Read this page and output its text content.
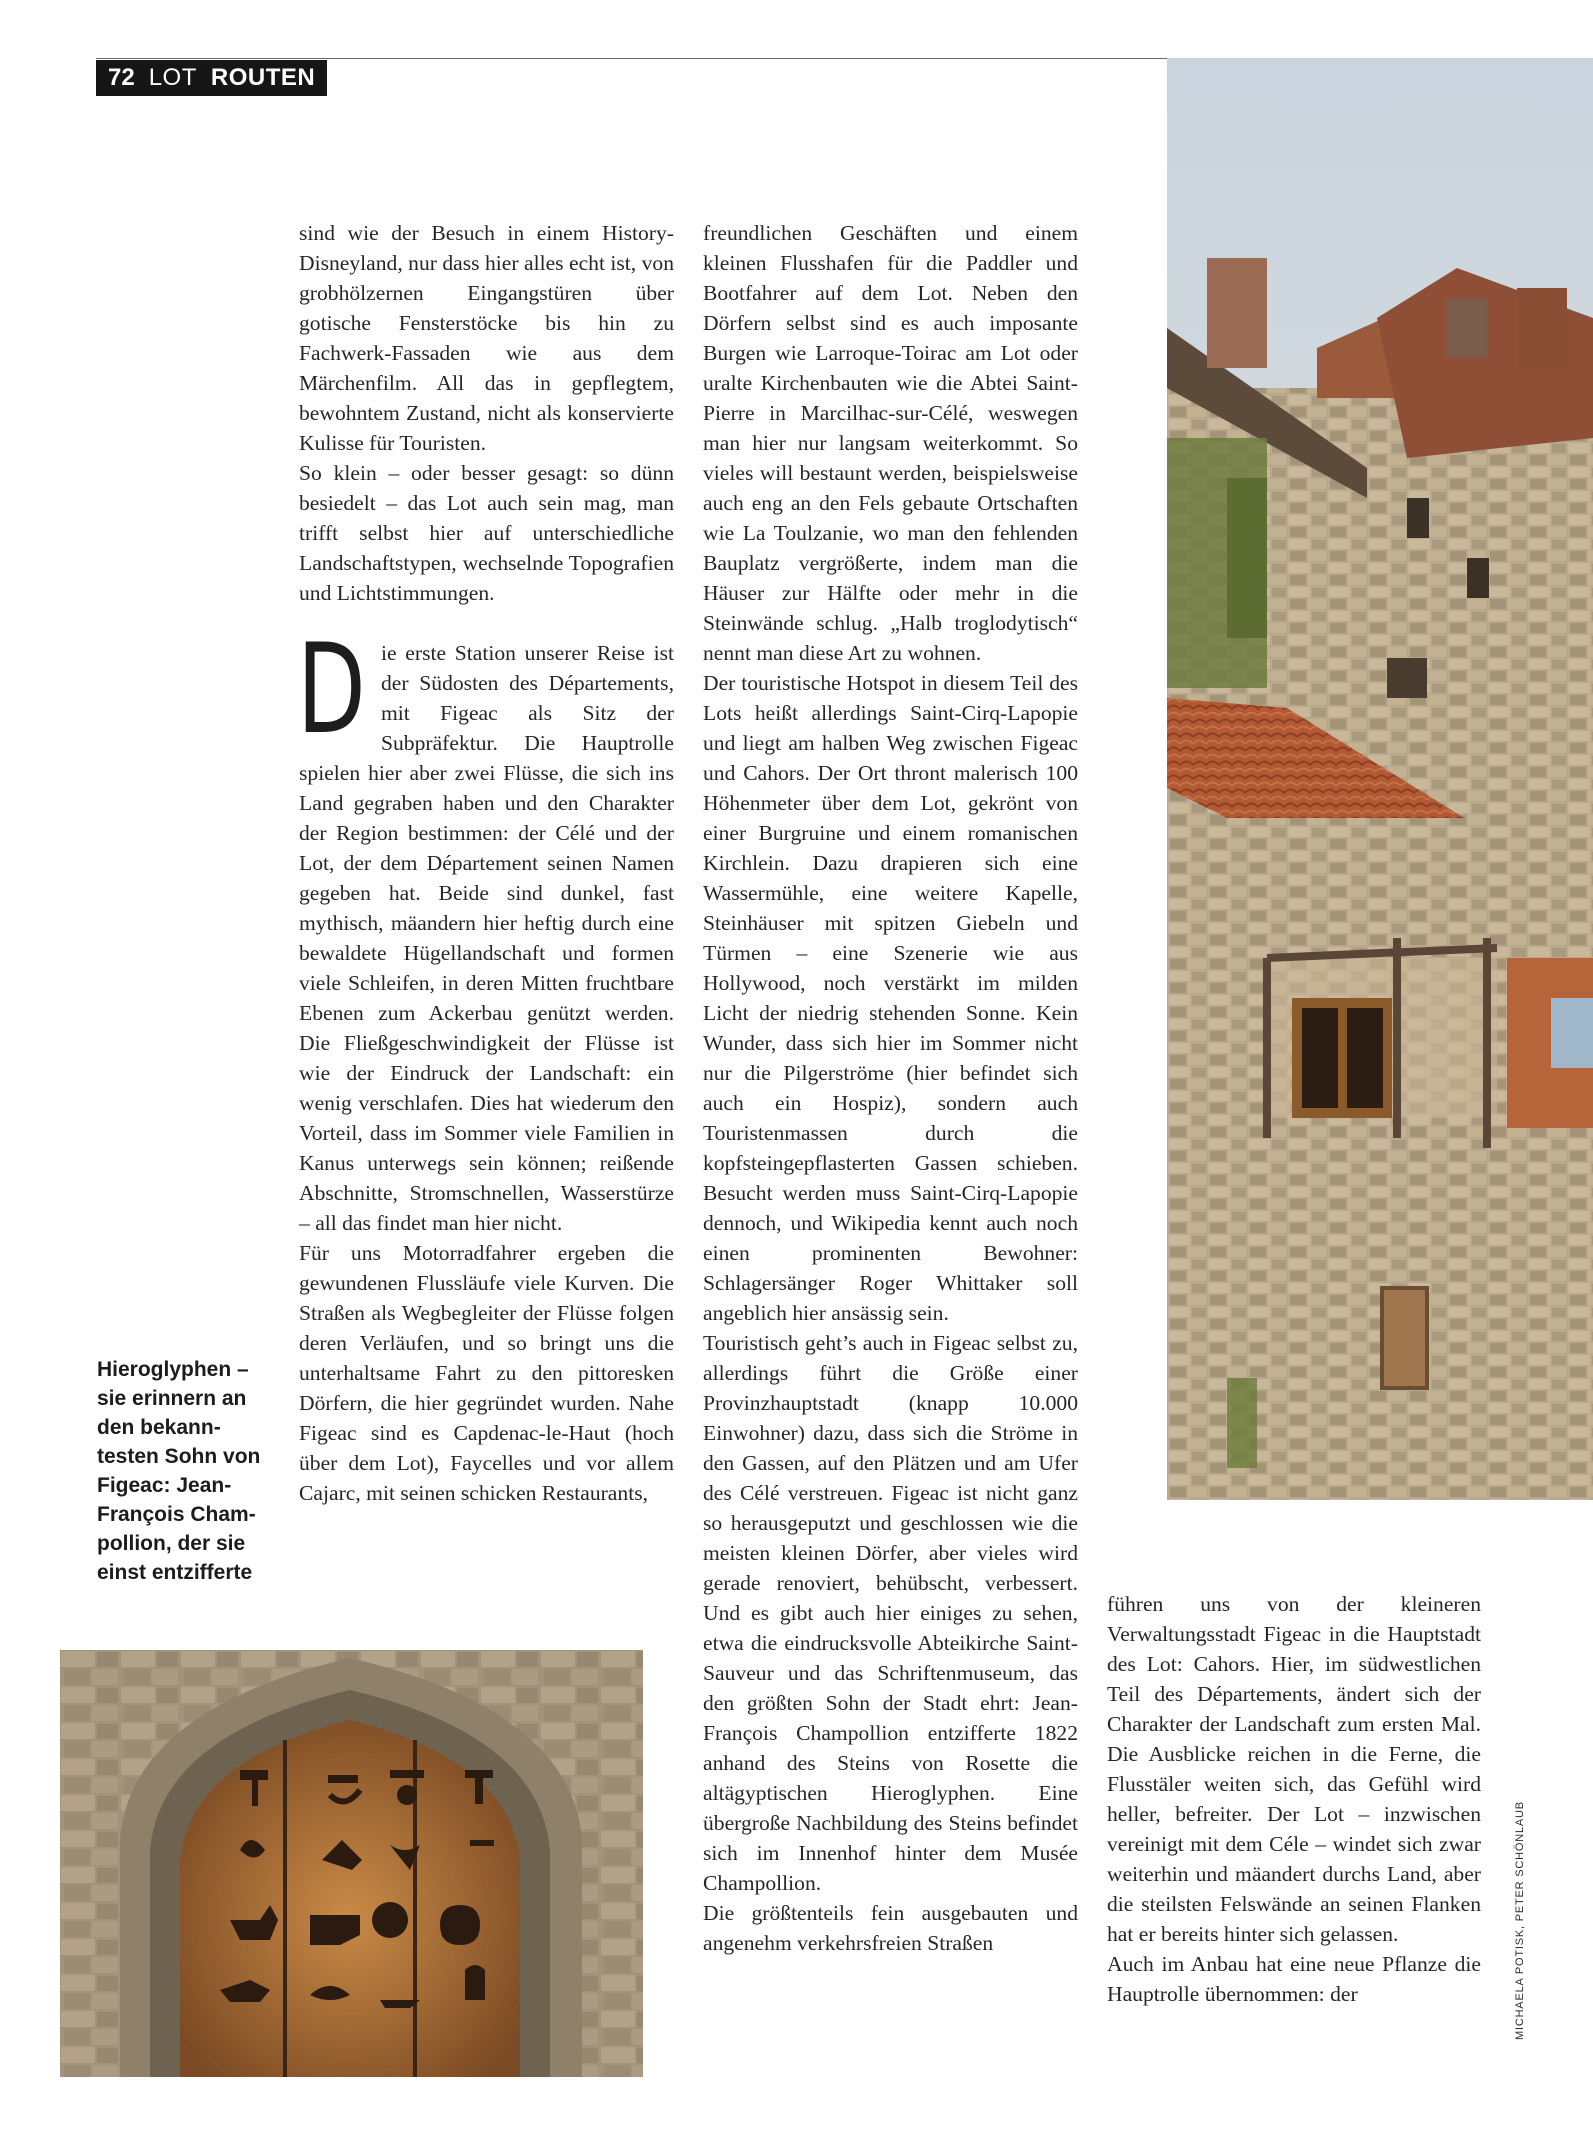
72 LOT ROUTEN
Hieroglyphen – sie erinnern an den bekann-testen Sohn von Figeac: Jean-François Cham-pollion, der sie einst entzifferte
MICHAELA POTISK, PETER SCHÖNLAUB

sind wie der Besuch in einem History-Disneyland, nur dass hier alles echt ist, von grobhölzernen Eingangstüren über gotische Fensterstöcke bis hin zu Fachwerk-Fassaden wie aus dem Märchenfilm. All das in gepflegtem, bewohntem Zustand, nicht als konservierte Kulisse für Touristen.

So klein – oder besser gesagt: so dünn besiedelt – das Lot auch sein mag, man trifft selbst hier auf unterschiedliche Landschaftstypen, wechselnde Topografien und Lichtstimmungen.

Die erste Station unserer Reise ist der Südosten des Départements, mit Figeac als Sitz der Subpräfektur. Die Hauptrolle spielen hier aber zwei Flüsse, die sich ins Land gegraben haben und den Charakter der Region bestimmen: der Célé und der Lot, der dem Département seinen Namen gegeben hat. Beide sind dunkel, fast mythisch, mäandern hier heftig durch eine bewaldete Hügellandschaft und formen viele Schleifen, in deren Mitten fruchtbare Ebenen zum Ackerbau genützt werden. Die Fließgeschwindigkeit der Flüsse ist wie der Eindruck der Landschaft: ein wenig verschlafen. Dies hat wiederum den Vorteil, dass im Sommer viele Familien in Kanus unterwegs sein können; reißende Abschnitte, Stromschnellen, Wasserstürze – all das findet man hier nicht.

Für uns Motorradfahrer ergeben die gewundenen Flussläufe viele Kurven. Die Straßen als Wegbegleiter der Flüsse folgen deren Verläufen, und so bringt uns die unterhaltsame Fahrt zu den pittoresken Dörfern, die hier gegründet wurden. Nahe Figeac sind es Capdenac-le-Haut (hoch über dem Lot), Faycelles und vor allem Cajarc, mit seinen schicken Restaurants,

freundlichen Geschäften und einem kleinen Flusshafen für die Paddler und Bootfahrer auf dem Lot. Neben den Dörfern selbst sind es auch imposante Burgen wie Larroque-Toirac am Lot oder uralte Kirchenbauten wie die Abtei Saint-Pierre in Marcilhac-sur-Célé, weswegen man hier nur langsam weiterkommt. So vieles will bestaunt werden, beispielsweise auch eng an den Fels gebaute Ortschaften wie La Toulzanie, wo man den fehlenden Bauplatz vergrößerte, indem man die Häuser zur Hälfte oder mehr in die Steinwände schlug. „Halb troglodytisch“ nennt man diese Art zu wohnen.

Der touristische Hotspot in diesem Teil des Lots heißt allerdings Saint-Cirq-Lapopie und liegt am halben Weg zwischen Figeac und Cahors. Der Ort thront malerisch 100 Höhenmeter über dem Lot, gekrönt von einer Burgruine und einem romanischen Kirchlein. Dazu drapieren sich eine Wassermühle, eine weitere Kapelle, Steinhäuser mit spitzen Giebeln und Türmen – eine Szenerie wie aus Hollywood, noch verstärkt im milden Licht der niedrig stehenden Sonne. Kein Wunder, dass sich hier im Sommer nicht nur die Pilgerströme (hier befindet sich auch ein Hospiz), sondern auch Touristenmassen durch die kopfsteingepflasterten Gassen schieben. Besucht werden muss Saint-Cirq-Lapopie dennoch, und Wikipedia kennt auch noch einen prominenten Bewohner: Schlagersänger Roger Whittaker soll angeblich hier ansässig sein.

Touristisch geht’s auch in Figeac selbst zu, allerdings führt die Größe einer Provinzhauptstadt (knapp 10.000 Einwohner) dazu, dass sich die Ströme in den Gassen, auf den Plätzen und am Ufer des Célé verstreuen. Figeac ist nicht ganz so herausgeputzt und geschlossen wie die meisten kleinen Dörfer, aber vieles wird gerade renoviert, behübscht, verbessert. Und es gibt auch hier einiges zu sehen, etwa die eindrucksvolle Abteikirche Saint-Sauveur und das Schriftenmuseum, das den größten Sohn der Stadt ehrt: Jean-François Champollion entzifferte 1822 anhand des Steins von Rosette die altägyptischen Hieroglyphen. Eine übergroße Nachbildung des Steins befindet sich im Innenhof hinter dem Musée Champollion.

Die größtenteils fein ausgebauten und angenehm verkehrsfreien Straßen

führen uns von der kleineren Verwaltungsstadt Figeac in die Hauptstadt des Lot: Cahors. Hier, im südwestlichen Teil des Départements, ändert sich der Charakter der Landschaft zum ersten Mal. Die Ausblicke reichen in die Ferne, die Flusstäler weiten sich, das Gefühl wird heller, befreiter. Der Lot – inzwischen vereinigt mit dem Céle – windet sich zwar weiterhin und mäandert durchs Land, aber die steilsten Felswände an seinen Flanken hat er bereits hinter sich gelassen.

Auch im Anbau hat eine neue Pflanze die Hauptrolle übernommen: der
